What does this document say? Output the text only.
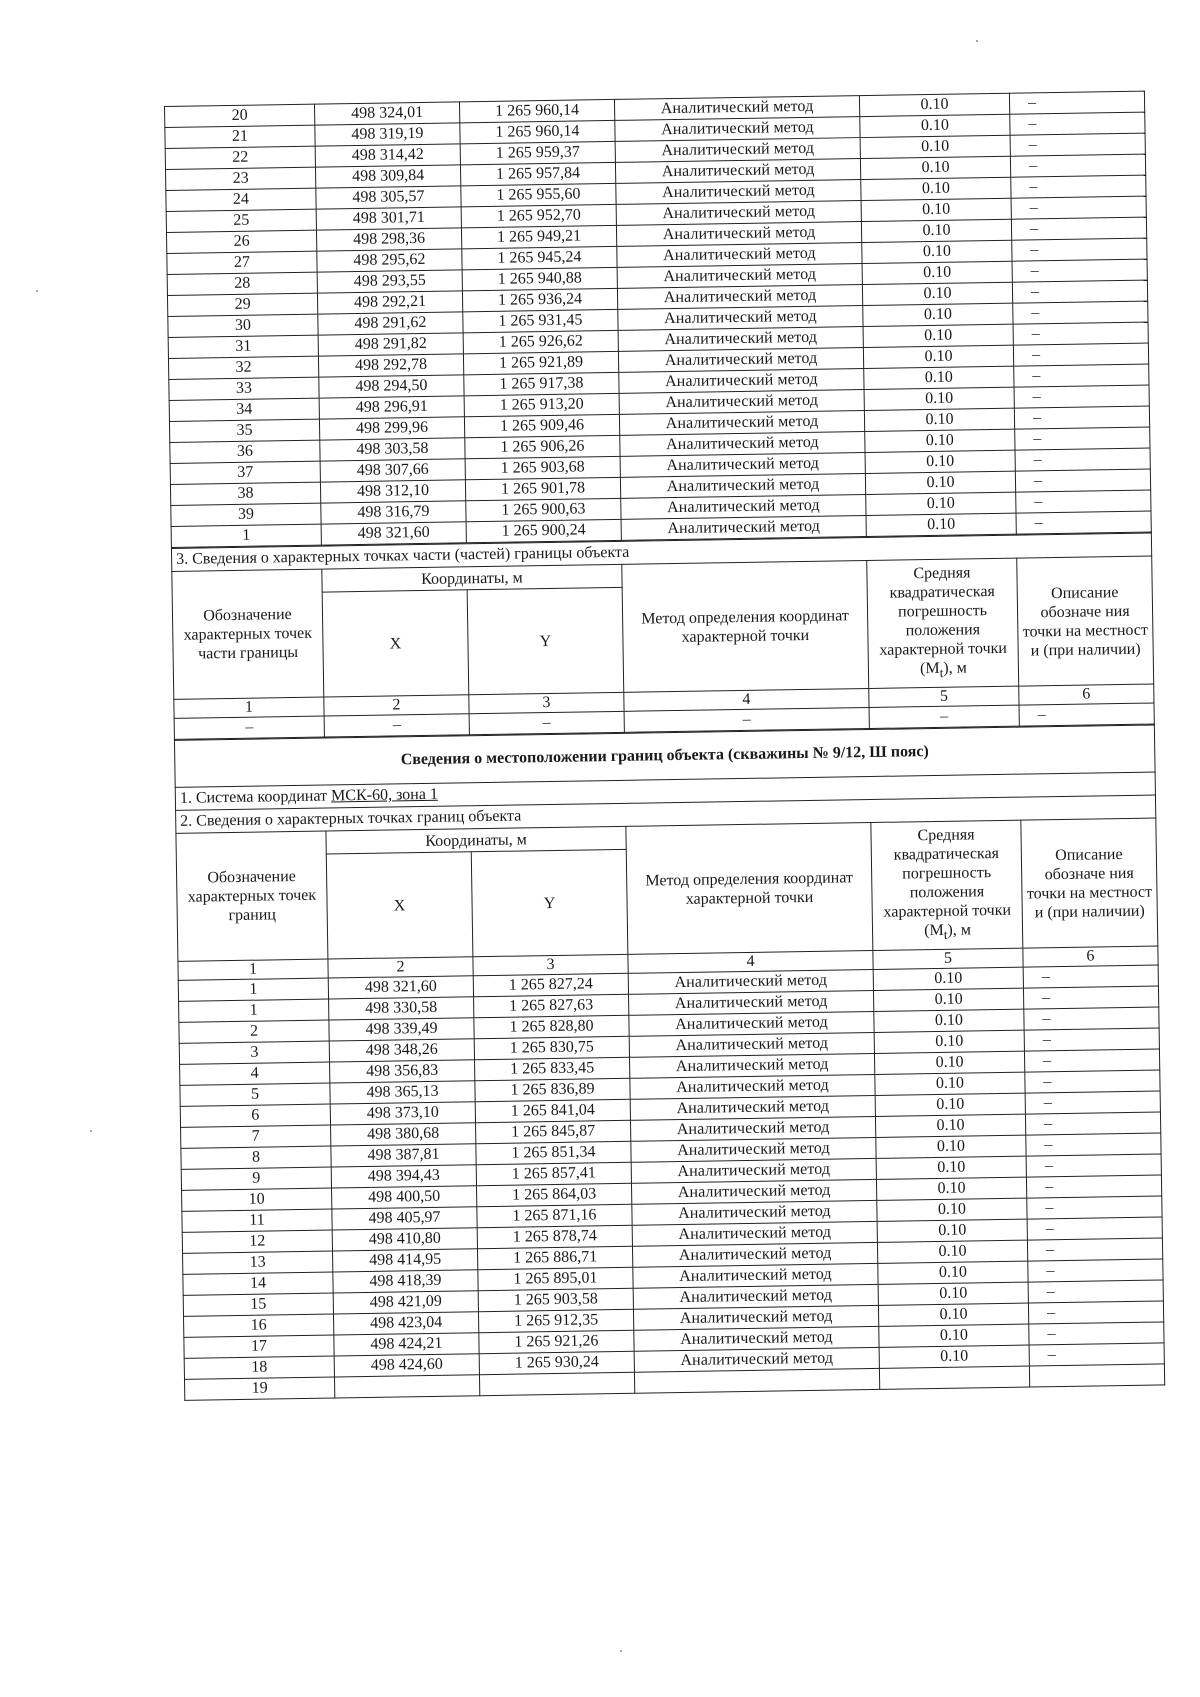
20	498 324,01	1 265 960,14	Аналитический метод	0.10	–
21	498 319,19	1 265 960,14	Аналитический метод	0.10	–
22	498 314,42	1 265 959,37	Аналитический метод	0.10	–
23	498 309,84	1 265 957,84	Аналитический метод	0.10	–
24	498 305,57	1 265 955,60	Аналитический метод	0.10	–
25	498 301,71	1 265 952,70	Аналитический метод	0.10	–
26	498 298,36	1 265 949,21	Аналитический метод	0.10	–
27	498 295,62	1 265 945,24	Аналитический метод	0.10	–
28	498 293,55	1 265 940,88	Аналитический метод	0.10	–
29	498 292,21	1 265 936,24	Аналитический метод	0.10	–
30	498 291,62	1 265 931,45	Аналитический метод	0.10	–
31	498 291,82	1 265 926,62	Аналитический метод	0.10	–
32	498 292,78	1 265 921,89	Аналитический метод	0.10	–
33	498 294,50	1 265 917,38	Аналитический метод	0.10	–
34	498 296,91	1 265 913,20	Аналитический метод	0.10	–
35	498 299,96	1 265 909,46	Аналитический метод	0.10	–
36	498 303,58	1 265 906,26	Аналитический метод	0.10	–
37	498 307,66	1 265 903,68	Аналитический метод	0.10	–
38	498 312,10	1 265 901,78	Аналитический метод	0.10	–
39	498 316,79	1 265 900,63	Аналитический метод	0.10	–
1	498 321,60	1 265 900,24	Аналитический метод	0.10	–
3. Сведения о характерных точках части (частей) границы объекта					
Обозначение характерных точек части границы	Координаты, м		Метод определения координат характерной точки	Средняя квадратическая погрешность положения характерной точки $(M_t)$, м	Описание обозначе ния точки на местност и (при наличии)
	X	Y			
1	2	3	4	5	6
–	–	–	–	–	–
Сведения о местоположении границ объекта (скважины № 9/12, Ш пояс)					
1. Система координат МСК-60, зона 1					
2. Сведения о характерных точках границ объекта					
Обозначение характерных точек границ	Координаты, м		Метод определения координат характерной точки	Средняя квадратическая погрешность положения характерной точки $(M_t)$, м	Описание обозначе ния точки на местност и (при наличии)
	X	Y			
1	2	3	4	5	6
1	498 321,60	1 265 827,24	Аналитический метод	0.10	–
1	498 330,58	1 265 827,63	Аналитический метод	0.10	–
2	498 339,49	1 265 828,80	Аналитический метод	0.10	–
3	498 348,26	1 265 830,75	Аналитический метод	0.10	–
4	498 356,83	1 265 833,45	Аналитический метод	0.10	–
5	498 365,13	1 265 836,89	Аналитический метод	0.10	–
6	498 373,10	1 265 841,04	Аналитический метод	0.10	–
7	498 380,68	1 265 845,87	Аналитический метод	0.10	–
8	498 387,81	1 265 851,34	Аналитический метод	0.10	–
9	498 394,43	1 265 857,41	Аналитический метод	0.10	–
10	498 400,50	1 265 864,03	Аналитический метод	0.10	–
11	498 405,97	1 265 871,16	Аналитический метод	0.10	–
12	498 410,80	1 265 878,74	Аналитический метод	0.10	–
13	498 414,95	1 265 886,71	Аналитический метод	0.10	–
14	498 418,39	1 265 895,01	Аналитический метод	0.10	–
15	498 421,09	1 265 903,58	Аналитический метод	0.10	–
16	498 423,04	1 265 912,35	Аналитический метод	0.10	–
17	498 424,21	1 265 921,26	Аналитический метод	0.10	–
18	498 424,60	1 265 930,24	Аналитический метод	0.10	–
19					
